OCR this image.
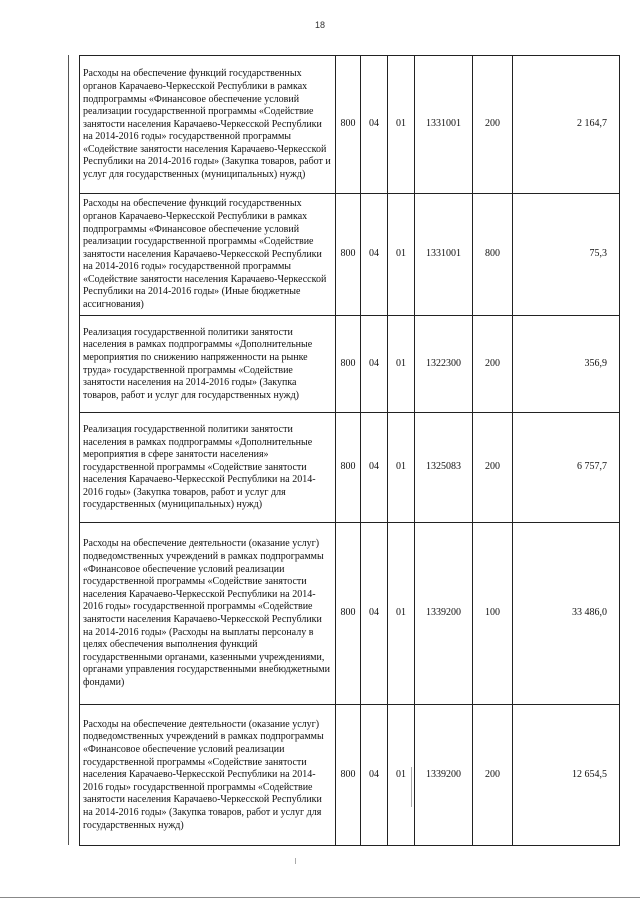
18
Расходы на обеспечение функций государственных органов Карачаево-Черкесской Республики в рамках подпрограммы «Финансовое обеспечение условий реализации государственной программы «Содействие занятости населения Карачаево-Черкесской Республики на 2014-2016 годы» государственной программы «Содействие занятости населения Карачаево-Черкесской Республики на 2014-2016 годы» (Закупка товаров, работ и услуг для государственных (муниципальных) нужд)	800	04	01	1331001	200	2 164,7
Расходы на обеспечение функций государственных органов Карачаево-Черкесской Республики в рамках подпрограммы «Финансовое обеспечение условий реализации государственной программы «Содействие занятости населения Карачаево-Черкесской Республики на 2014-2016 годы» государственной программы «Содействие занятости населения Карачаево-Черкесской Республики на 2014-2016 годы» (Иные бюджетные ассигнования)	800	04	01	1331001	800	75,3
Реализация государственной политики занятости населения в рамках подпрограммы «Дополнительные мероприятия по снижению напряженности на рынке труда» государственной программы «Содействие занятости населения на 2014-2016 годы» (Закупка товаров, работ и услуг для государственных нужд)	800	04	01	1322300	200	356,9
Реализация государственной политики занятости населения в рамках подпрограммы «Дополнительные мероприятия в сфере занятости населения» государственной программы «Содействие занятости населения Карачаево-Черкесской Республики на 2014-2016 годы» (Закупка товаров, работ и услуг для государственных (муниципальных) нужд)	800	04	01	1325083	200	6 757,7
Расходы на обеспечение деятельности (оказание услуг) подведомственных учреждений в рамках подпрограммы «Финансовое обеспечение условий реализации государственной программы «Содействие занятости населения Карачаево-Черкесской Республики на 2014-2016 годы» государственной программы «Содействие занятости населения Карачаево-Черкесской Республики на 2014-2016 годы» (Расходы на выплаты персоналу в целях обеспечения выполнения функций государственными органами, казенными учреждениями, органами управления государственными внебюджетными фондами)	800	04	01	1339200	100	33 486,0
Расходы на обеспечение деятельности (оказание услуг) подведомственных учреждений в рамках подпрограммы «Финансовое обеспечение условий реализации государственной программы «Содействие занятости населения Карачаево-Черкесской Республики на 2014-2016 годы» государственной программы «Содействие занятости населения Карачаево-Черкесской Республики на 2014-2016 годы» (Закупка товаров, работ и услуг для государственных нужд)	800	04	01	1339200	200	12 654,5
